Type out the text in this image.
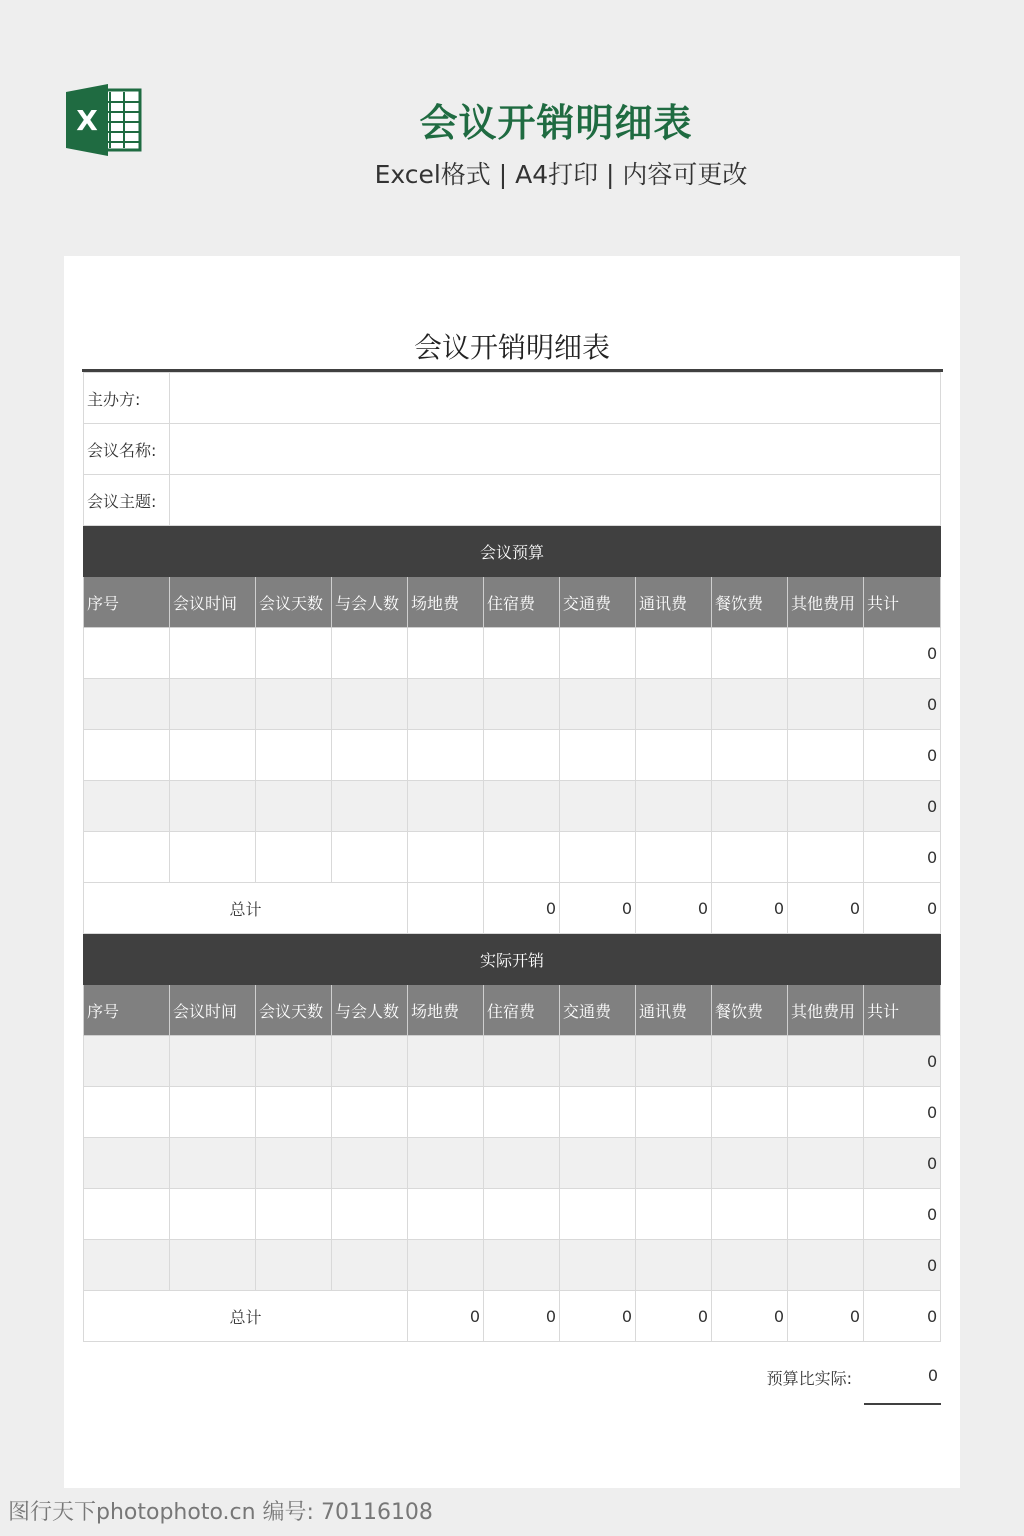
X	会议开销明细表
Excel格式 | A4打印 | 内容可更改
会议开销明细表
主办方:										
会议名称:										
会议主题:										
会议预算										
序号	会议时间	会议天数	与会人数	场地费	住宿费	交通费	通讯费	餐饮费	其他费用	共计
										0
										0
										0
										0
										0
总计					0	0	0	0	0	0
实际开销										
序号	会议时间	会议天数	与会人数	场地费	住宿费	交通费	通讯费	餐饮费	其他费用	共计
										0
										0
										0
										0
										0
总计				0	0	0	0	0	0	0
预算比实际:	0
图行天下photophoto.cn 编号: 70116108
